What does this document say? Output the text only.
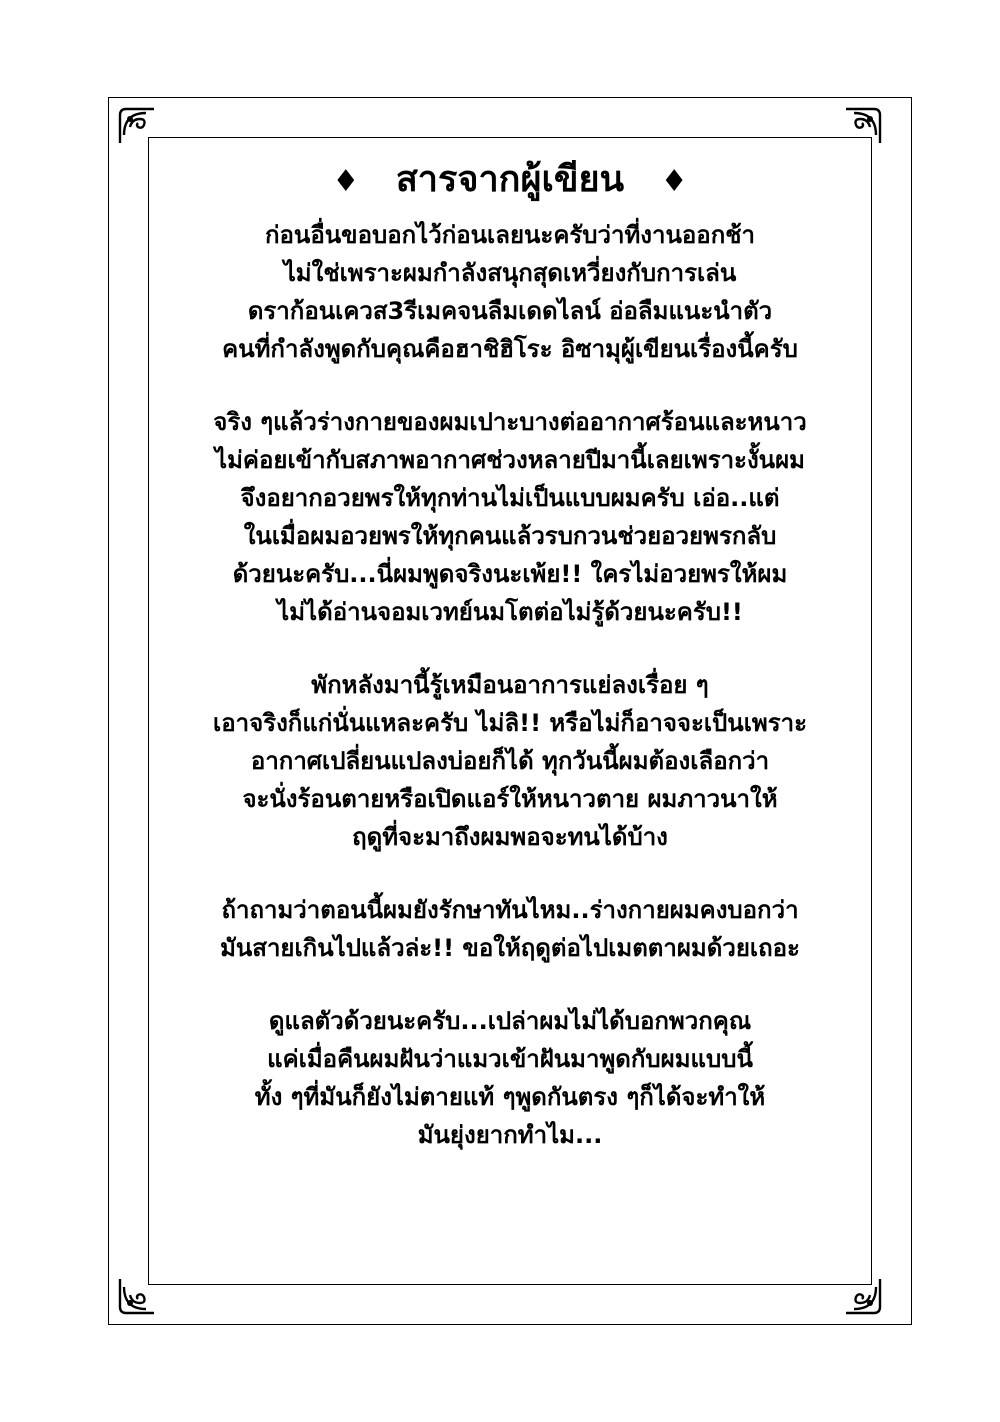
♦ สารจากผู้เขียน ♦
ก่อนอื่นขอบอกไว้ก่อนเลยนะครับว่าที่งานออกช้า
ไม่ใช่เพราะผมกำลังสนุกสุดเหวี่ยงกับการเล่น
ดราก้อนเควส3รีเมคจนลืมเดดไลน์ อ่อลืมแนะนำตัว
คนที่กำลังพูดกับคุณคือฮาชิฮิโระ อิซามุผู้เขียนเรื่องนี้ครับ
จริง ๆแล้วร่างกายของผมเปาะบางต่ออากาศร้อนและหนาว
ไม่ค่อยเข้ากับสภาพอากาศช่วงหลายปีมานี้เลยเพราะงั้นผม
จึงอยากอวยพรให้ทุกท่านไม่เป็นแบบผมครับ เอ่อ..แต่
ในเมื่อผมอวยพรให้ทุกคนแล้วรบกวนช่วยอวยพรกลับ
ด้วยนะครับ...นี่ผมพูดจริงนะเพ้ย!! ใครไม่อวยพรให้ผม
ไม่ได้อ่านจอมเวทย์นมโตต่อไม่รู้ด้วยนะครับ!!
พักหลังมานี้รู้เหมือนอาการแย่ลงเรื่อย ๆ
เอาจริงก็แก่นั่นแหละครับ ไม่ลิ!! หรือไม่ก็อาจจะเป็นเพราะ
อากาศเปลี่ยนแปลงบ่อยก็ได้ ทุกวันนี้ผมต้องเลือกว่า
จะนั่งร้อนตายหรือเปิดแอร์ให้หนาวตาย ผมภาวนาให้
ฤดูที่จะมาถึงผมพอจะทนได้บ้าง
ถ้าถามว่าตอนนี้ผมยังรักษาทันไหม..ร่างกายผมคงบอกว่า
มันสายเกินไปแล้วล่ะ!! ขอให้ฤดูต่อไปเมตตาผมด้วยเถอะ
ดูแลตัวด้วยนะครับ...เปล่าผมไม่ได้บอกพวกคุณ
แค่เมื่อคืนผมฝันว่าแมวเข้าฝันมาพูดกับผมแบบนี้
ทั้ง ๆที่มันก็ยังไม่ตายแท้ ๆพูดกันตรง ๆก็ได้จะทำให้
มันยุ่งยากทำไม...
